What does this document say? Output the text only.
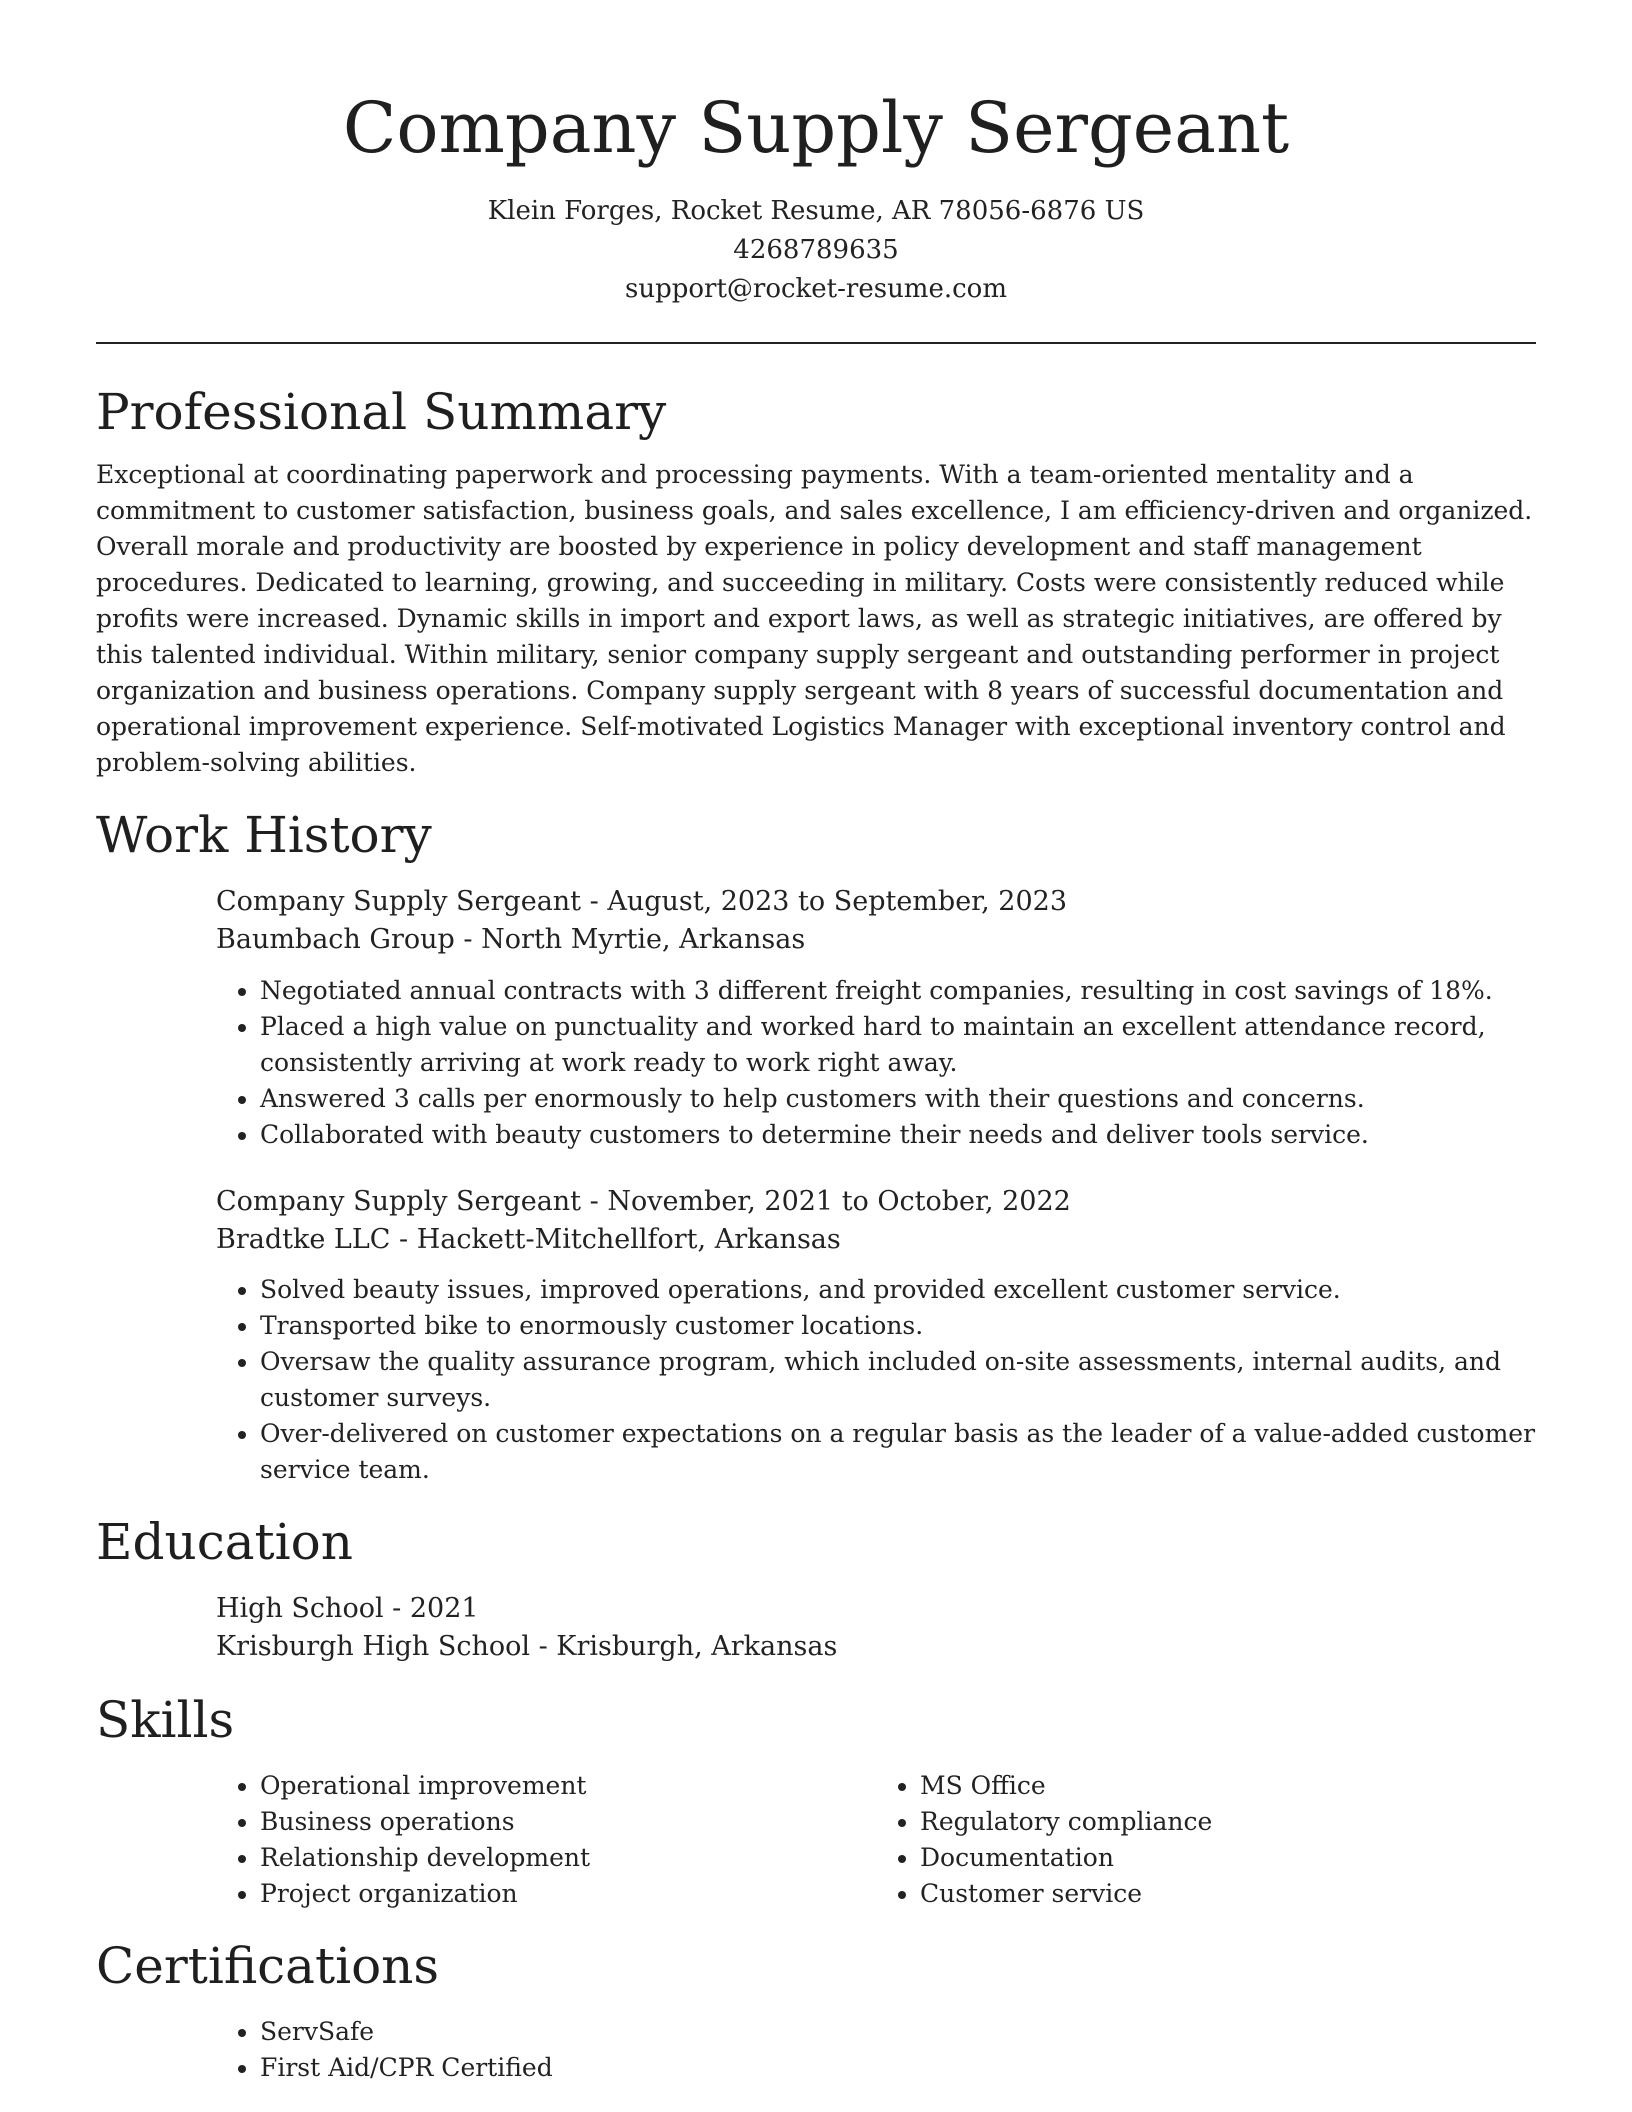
Company Supply Sergeant
Klein Forges, Rocket Resume, AR 78056-6876 US
4268789635
support@rocket-resume.com
Professional Summary

Exceptional at coordinating paperwork and processing payments. With a team-oriented mentality and a commitment to customer satisfaction, business goals, and sales excellence, I am efficiency-driven and organized. Overall morale and productivity are boosted by experience in policy development and staff management procedures. Dedicated to learning, growing, and succeeding in military. Costs were consistently reduced while profits were increased. Dynamic skills in import and export laws, as well as strategic initiatives, are offered by this talented individual. Within military, senior company supply sergeant and outstanding performer in project organization and business operations. Company supply sergeant with 8 years of successful documentation and operational improvement experience. Self-motivated Logistics Manager with exceptional inventory control and problem-solving abilities.

Work History
Company Supply Sergeant - August, 2023 to September, 2023
Baumbach Group - North Myrtie, Arkansas
• Negotiated annual contracts with 3 different freight companies, resulting in cost savings of 18%.
• Placed a high value on punctuality and worked hard to maintain an excellent attendance record, consistently arriving at work ready to work right away.
• Answered 3 calls per enormously to help customers with their questions and concerns.
• Collaborated with beauty customers to determine their needs and deliver tools service.
Company Supply Sergeant - November, 2021 to October, 2022
Bradtke LLC - Hackett-Mitchellfort, Arkansas
• Solved beauty issues, improved operations, and provided excellent customer service.
• Transported bike to enormously customer locations.
• Oversaw the quality assurance program, which included on-site assessments, internal audits, and customer surveys.
• Over-delivered on customer expectations on a regular basis as the leader of a value-added customer service team.
Education
High School - 2021
Krisburgh High School - Krisburgh, Arkansas
Skills
• Operational improvement
• Business operations
• Relationship development
• Project organization
• MS Office
• Regulatory compliance
• Documentation
• Customer service
Certifications
• ServSafe
• First Aid/CPR Certified
